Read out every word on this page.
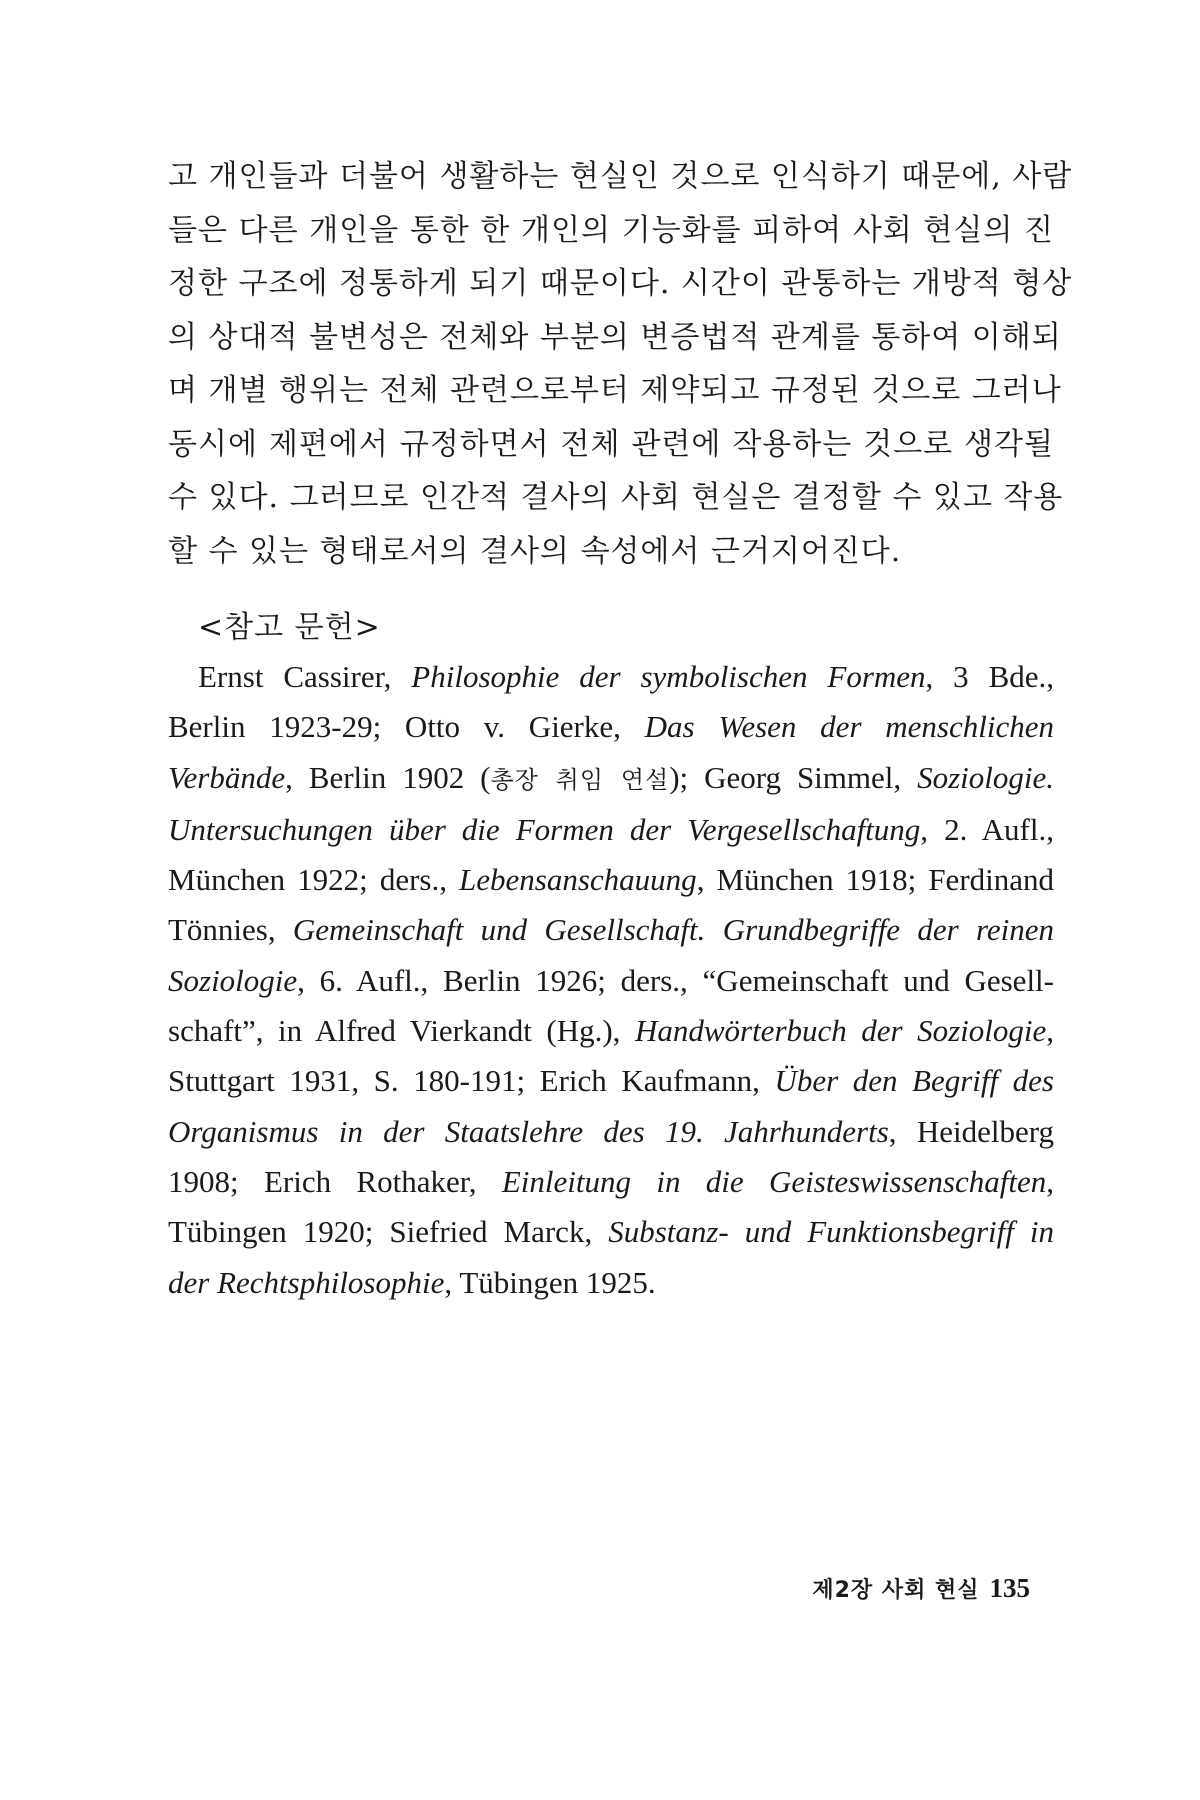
고 개인들과 더불어 생활하는 현실인 것으로 인식하기 때문에, 사람
들은 다른 개인을 통한 한 개인의 기능화를 피하여 사회 현실의 진
정한 구조에 정통하게 되기 때문이다. 시간이 관통하는 개방적 형상
의 상대적 불변성은 전체와 부분의 변증법적 관계를 통하여 이해되
며 개별 행위는 전체 관련으로부터 제약되고 규정된 것으로 그러나
동시에 제편에서 규정하면서 전체 관련에 작용하는 것으로 생각될
수 있다. 그러므로 인간적 결사의 사회 현실은 결정할 수 있고 작용
할 수 있는 형태로서의 결사의 속성에서 근거지어진다.
<참고 문헌>
Ernst Cassirer, Philosophie der symbolischen Formen, 3 Bde.,
Berlin 1923-29; Otto v. Gierke, Das Wesen der menschlichen
Verbände, Berlin 1902 (총장 취임 연설); Georg Simmel, Soziologie.
Untersuchungen über die Formen der Vergesellschaftung, 2. Aufl.,
München 1922; ders., Lebensanschauung, München 1918; Ferdinand
Tönnies, Gemeinschaft und Gesellschaft. Grundbegriffe der reinen
Soziologie, 6. Aufl., Berlin 1926; ders., “Gemeinschaft und Gesell-
schaft”, in Alfred Vierkandt (Hg.), Handwörterbuch der Soziologie,
Stuttgart 1931, S. 180-191; Erich Kaufmann, Über den Begriff des
Organismus in der Staatslehre des 19. Jahrhunderts, Heidelberg
1908; Erich Rothaker, Einleitung in die Geisteswissenschaften,
Tübingen 1920; Siefried Marck, Substanz- und Funktionsbegriff in
der Rechtsphilosophie, Tübingen 1925.
제2장 사회 현실 135
